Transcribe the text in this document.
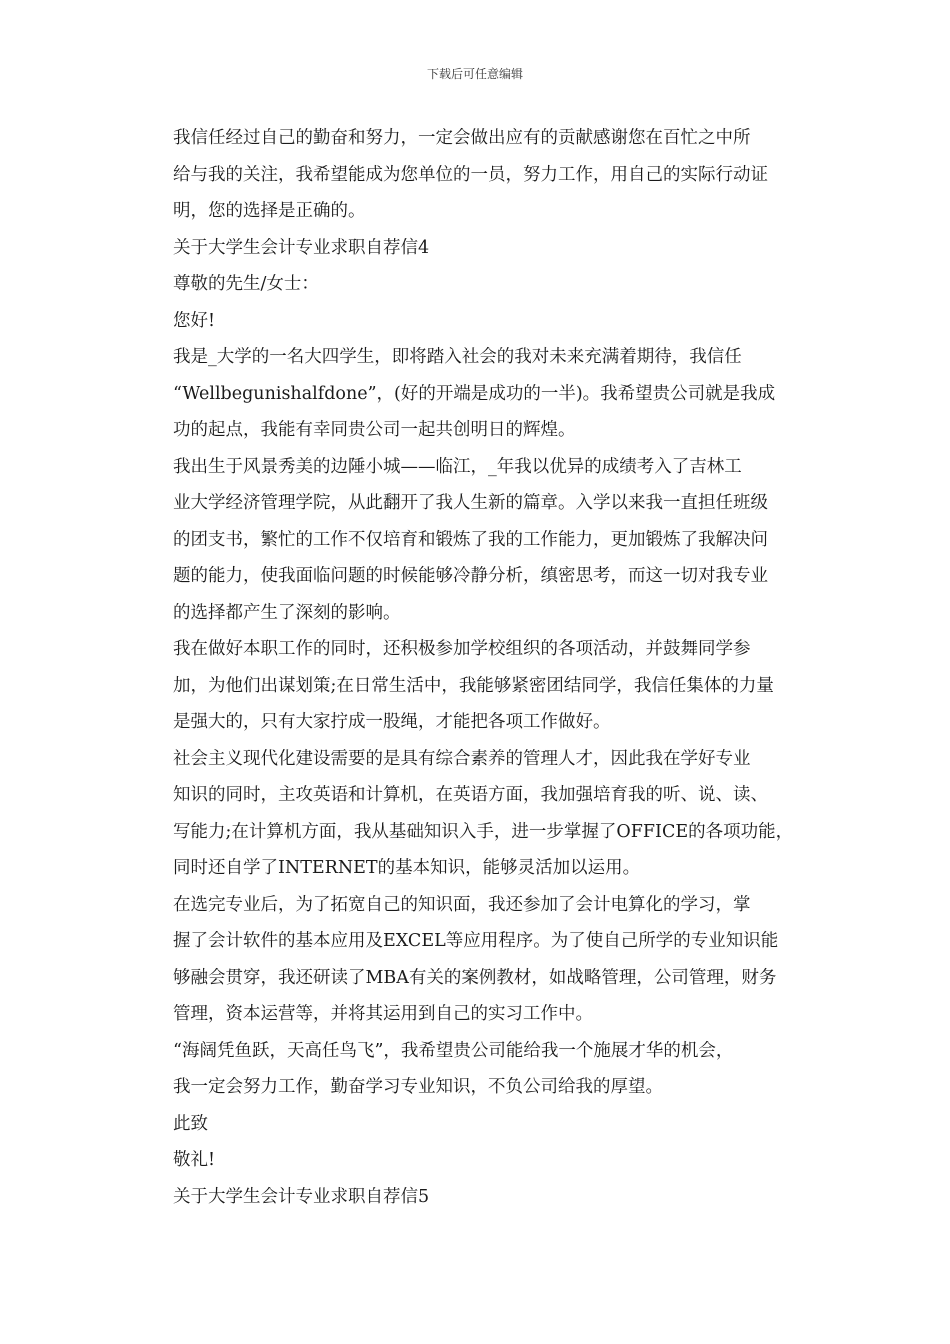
下载后可任意编辑
我信任经过自己的勤奋和努力，一定会做出应有的贡献感谢您在百忙之中所
给与我的关注，我希望能成为您单位的一员，努力工作，用自己的实际行动证
明，您的选择是正确的。
关于大学生会计专业求职自荐信4
尊敬的先生/女士：
您好!
我是_大学的一名大四学生，即将踏入社会的我对未来充满着期待，我信任
“Wellbegunishalfdone”，(好的开端是成功的一半)。我希望贵公司就是我成
功的起点，我能有幸同贵公司一起共创明日的辉煌。
我出生于风景秀美的边陲小城——临江，_年我以优异的成绩考入了吉林工
业大学经济管理学院，从此翻开了我人生新的篇章。入学以来我一直担任班级
的团支书，繁忙的工作不仅培育和锻炼了我的工作能力，更加锻炼了我解决问
题的能力，使我面临问题的时候能够冷静分析，缜密思考，而这一切对我专业
的选择都产生了深刻的影响。
我在做好本职工作的同时，还积极参加学校组织的各项活动，并鼓舞同学参
加，为他们出谋划策;在日常生活中，我能够紧密团结同学，我信任集体的力量
是强大的，只有大家拧成一股绳，才能把各项工作做好。
社会主义现代化建设需要的是具有综合素养的管理人才，因此我在学好专业
知识的同时，主攻英语和计算机，在英语方面，我加强培育我的听、说、读、
写能力;在计算机方面，我从基础知识入手，进一步掌握了OFFICE的各项功能，
同时还自学了INTERNET的基本知识，能够灵活加以运用。
在选完专业后，为了拓宽自己的知识面，我还参加了会计电算化的学习，掌
握了会计软件的基本应用及EXCEL等应用程序。为了使自己所学的专业知识能
够融会贯穿，我还研读了MBA有关的案例教材，如战略管理，公司管理，财务
管理，资本运营等，并将其运用到自己的实习工作中。
“海阔凭鱼跃，天高任鸟飞”，我希望贵公司能给我一个施展才华的机会，
我一定会努力工作，勤奋学习专业知识，不负公司给我的厚望。
此致
敬礼!
关于大学生会计专业求职自荐信5
